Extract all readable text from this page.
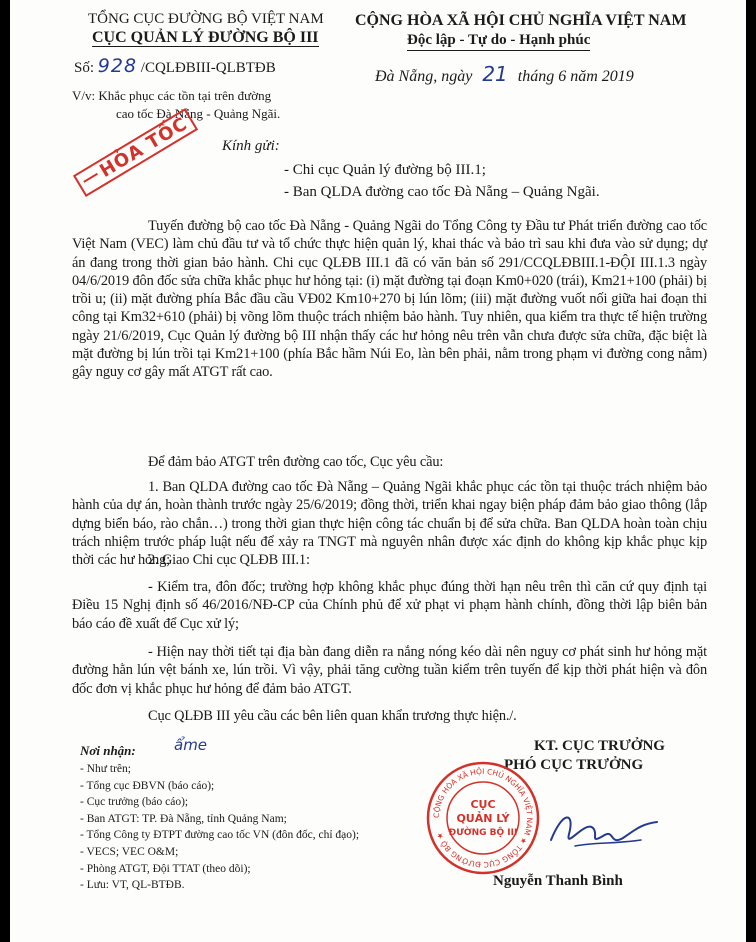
TỔNG CỤC ĐƯỜNG BỘ VIỆT NAM
CỤC QUẢN LÝ ĐƯỜNG BỘ III
Số: 928 /CQLĐBIII-QLBTĐB
V/v: Khắc phục các tồn tại trên đường
cao tốc Đà Nẵng - Quảng Ngãi.
CỘNG HÒA XÃ HỘI CHỦ NGHĨA VIỆT NAM
Độc lập - Tự do - Hạnh phúc
Đà Nẵng, ngày 21 tháng 6 năm 2019
HỎA TỐC	Kính gửi:
- Chi cục Quản lý đường bộ III.1;
- Ban QLDA đường cao tốc Đà Nẵng – Quảng Ngãi.

Tuyến đường bộ cao tốc Đà Nẵng - Quảng Ngãi do Tổng Công ty Đầu tư Phát triển đường cao tốc Việt Nam (VEC) làm chủ đầu tư và tổ chức thực hiện quản lý, khai thác và bảo trì sau khi đưa vào sử dụng; dự án đang trong thời gian bảo hành. Chi cục QLĐB III.1 đã có văn bản số 291/CCQLĐBIII.1-ĐỘI III.1.3 ngày 04/6/2019 đôn đốc sửa chữa khắc phục hư hỏng tại: (i) mặt đường tại đoạn Km0+020 (trái), Km21+100 (phải) bị trồi u; (ii) mặt đường phía Bắc đầu cầu VĐ02 Km10+270 bị lún lõm; (iii) mặt đường vuốt nối giữa hai đoạn thi công tại Km32+610 (phải) bị võng lõm thuộc trách nhiệm bảo hành. Tuy nhiên, qua kiểm tra thực tế hiện trường ngày 21/6/2019, Cục Quản lý đường bộ III nhận thấy các hư hỏng nêu trên vẫn chưa được sửa chữa, đặc biệt là mặt đường bị lún trồi tại Km21+100 (phía Bắc hầm Núi Eo, làn bên phải, nằm trong phạm vi đường cong nằm) gây nguy cơ gây mất ATGT rất cao.

Để đảm bảo ATGT trên đường cao tốc, Cục yêu cầu:

1. Ban QLDA đường cao tốc Đà Nẵng – Quảng Ngãi khắc phục các tồn tại thuộc trách nhiệm bảo hành của dự án, hoàn thành trước ngày 25/6/2019; đồng thời, triển khai ngay biện pháp đảm bảo giao thông (lắp dựng biển báo, rào chắn…) trong thời gian thực hiện công tác chuẩn bị để sửa chữa. Ban QLDA hoàn toàn chịu trách nhiệm trước pháp luật nếu để xảy ra TNGT mà nguyên nhân được xác định do không kịp khắc phục kịp thời các hư hỏng;

2. Giao Chi cục QLĐB III.1:

- Kiểm tra, đôn đốc; trường hợp không khắc phục đúng thời hạn nêu trên thì căn cứ quy định tại Điều 15 Nghị định số 46/2016/NĐ-CP của Chính phủ để xử phạt vi phạm hành chính, đồng thời lập biên bản báo cáo đề xuất để Cục xử lý;

- Hiện nay thời tiết tại địa bàn đang diễn ra nắng nóng kéo dài nên nguy cơ phát sinh hư hỏng mặt đường hằn lún vệt bánh xe, lún trồi. Vì vậy, phải tăng cường tuần kiểm trên tuyến để kịp thời phát hiện và đôn đốc đơn vị khắc phục hư hỏng để đảm bảo ATGT.

Cục QLĐB III yêu cầu các bên liên quan khẩn trương thực hiện./.

Nơi nhận:	ẩme
- Như trên;
- Tổng cục ĐBVN (báo cáo);
- Cục trưởng (báo cáo);
- Ban ATGT: TP. Đà Nẵng, tỉnh Quảng Nam;
- Tổng Công ty ĐTPT đường cao tốc VN (đôn đốc, chỉ đạo);
- VECS; VEC O&M;
- Phòng ATGT, Đội TTAT (theo dõi);
- Lưu: VT, QL-BTĐB.
KT. CỤC TRƯỞNG
PHÓ CỤC TRƯỞNG
CỘNG HÒA XÃ HỘI CHỦ NGHĨA VIỆT NAM ★ TỔNG CỤC ĐƯỜNG BỘ ★
CỤC
QUẢN LÝ
ĐƯỜNG BỘ III
Nguyễn Thanh Bình
